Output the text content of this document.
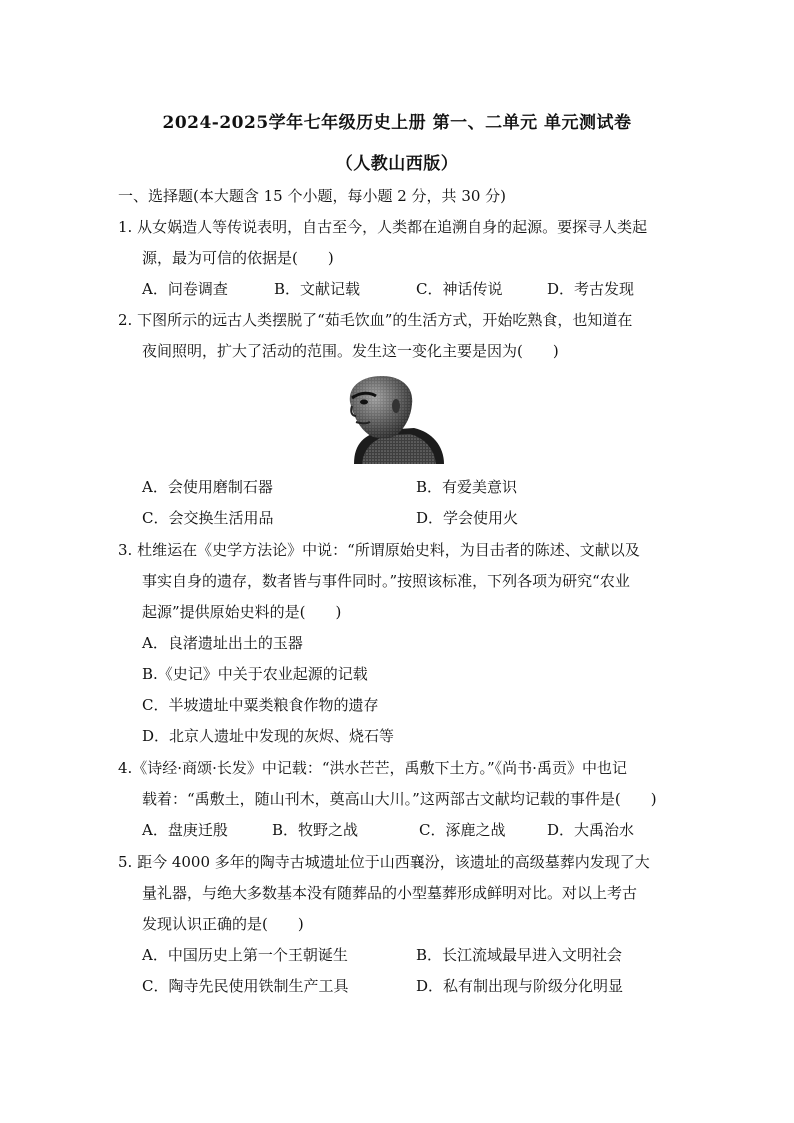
2024-2025学年七年级历史上册 第一、二单元 单元测试卷
（人教山西版）
一、选择题(本大题含 15 个小题，每小题 2 分，共 30 分)
1. 从女娲造人等传说表明，自古至今，人类都在追溯自身的起源。要探寻人类起
源，最为可信的依据是(　　)
A．问卷调查	B．文献记载	C．神话传说	D．考古发现
2. 下图所示的远古人类摆脱了“茹毛饮血”的生活方式，开始吃熟食，也知道在
夜间照明，扩大了活动的范围。发生这一变化主要是因为(　　)
A．会使用磨制石器	B．有爱美意识
C．会交换生活用品	D．学会使用火
3. 杜维运在《史学方法论》中说：“所谓原始史料，为目击者的陈述、文献以及
事实自身的遗存，数者皆与事件同时。”按照该标准，下列各项为研究“农业
起源”提供原始史料的是(　　)
A．良渚遗址出土的玉器
B.《史记》中关于农业起源的记载
C．半坡遗址中粟类粮食作物的遗存
D．北京人遗址中发现的灰烬、烧石等
4.《诗经·商颂·长发》中记载：“洪水芒芒，禹敷下土方。”《尚书·禹贡》中也记
载着：“禹敷土，随山刊木，奠高山大川。”这两部古文献均记载的事件是(　　)
A．盘庚迁殷	B．牧野之战	C．涿鹿之战	D．大禹治水
5. 距今 4000 多年的陶寺古城遗址位于山西襄汾，该遗址的高级墓葬内发现了大
量礼器，与绝大多数基本没有随葬品的小型墓葬形成鲜明对比。对以上考古
发现认识正确的是(　　)
A．中国历史上第一个王朝诞生	B．长江流域最早进入文明社会
C．陶寺先民使用铁制生产工具	D．私有制出现与阶级分化明显
